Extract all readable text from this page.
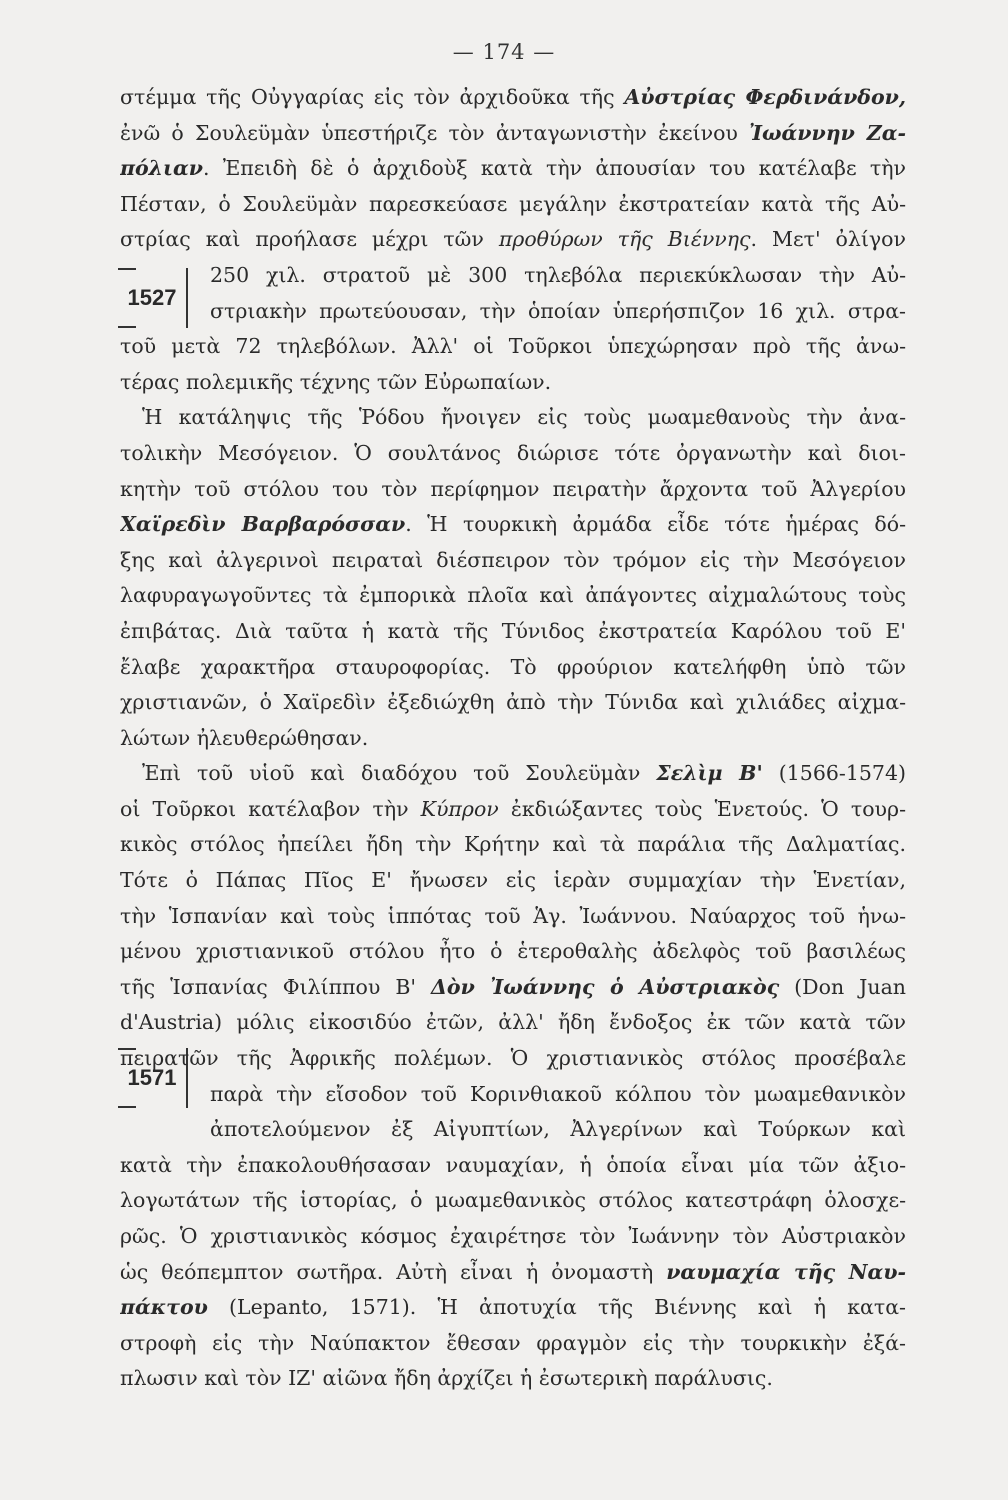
— 174 —
1527
1571
στέμμα τῆς Οὐγγαρίας εἰς τὸν ἀρχιδοῦκα τῆς Αὐστρίας Φερδινάνδον,
ἐνῶ ὁ Σουλεϋμὰν ὑπεστήριζε τὸν ἀνταγωνιστὴν ἐκείνου Ἰωάννην Ζα-
πόλιαν. Ἐπειδὴ δὲ ὁ ἀρχιδοὺξ κατὰ τὴν ἀπουσίαν του κατέλαβε τὴν
Πέσταν, ὁ Σουλεϋμὰν παρεσκεύασε μεγάλην ἐκστρατείαν κατὰ τῆς Αὐ-
στρίας καὶ προήλασε μέχρι τῶν προθύρων τῆς Βιέννης. Μετ' ὀλίγον
250 χιλ. στρατοῦ μὲ 300 τηλεβόλα περιεκύκλωσαν τὴν Αὐ-
στριακὴν πρωτεύουσαν, τὴν ὁποίαν ὑπερήσπιζον 16 χιλ. στρα-
τοῦ μετὰ 72 τηλεβόλων. Ἀλλ' οἱ Τοῦρκοι ὑπεχώρησαν πρὸ τῆς ἀνω-
τέρας πολεμικῆς τέχνης τῶν Εὐρωπαίων.
Ἡ κατάληψις τῆς Ῥόδου ἤνοιγεν εἰς τοὺς μωαμεθανοὺς τὴν ἀνα-
τολικὴν Μεσόγειον. Ὁ σουλτάνος διώρισε τότε ὀργανωτὴν καὶ διοι-
κητὴν τοῦ στόλου του τὸν περίφημον πειρατὴν ἄρχοντα τοῦ Ἀλγερίου
Χαϊρεδὶν Βαρβαρόσσαν. Ἡ τουρκικὴ ἀρμάδα εἶδε τότε ἡμέρας δό-
ξης καὶ ἀλγερινοὶ πειραταὶ διέσπειρον τὸν τρόμον εἰς τὴν Μεσόγειον
λαφυραγωγοῦντες τὰ ἐμπορικὰ πλοῖα καὶ ἀπάγοντες αἰχμαλώτους τοὺς
ἐπιβάτας. Διὰ ταῦτα ἡ κατὰ τῆς Τύνιδος ἐκστρατεία Καρόλου τοῦ Ε'
ἔλαβε χαρακτῆρα σταυροφορίας. Τὸ φρούριον κατελήφθη ὑπὸ τῶν
χριστιανῶν, ὁ Χαϊρεδὶν ἐξεδιώχθη ἀπὸ τὴν Τύνιδα καὶ χιλιάδες αἰχμα-
λώτων ἠλευθερώθησαν.
Ἐπὶ τοῦ υἱοῦ καὶ διαδόχου τοῦ Σουλεϋμὰν Σελὶμ Β' (1566-1574)
οἱ Τοῦρκοι κατέλαβον τὴν Κύπρον ἐκδιώξαντες τοὺς Ἑνετούς. Ὁ τουρ-
κικὸς στόλος ἠπείλει ἤδη τὴν Κρήτην καὶ τὰ παράλια τῆς Δαλματίας.
Τότε ὁ Πάπας Πῖος Ε' ἤνωσεν εἰς ἱερὰν συμμαχίαν τὴν Ἑνετίαν,
τὴν Ἱσπανίαν καὶ τοὺς ἱππότας τοῦ Ἁγ. Ἰωάννου. Ναύαρχος τοῦ ἡνω-
μένου χριστιανικοῦ στόλου ἦτο ὁ ἑτεροθαλὴς ἀδελφὸς τοῦ βασιλέως
τῆς Ἱσπανίας Φιλίππου Β' Δὸν Ἰωάννης ὁ Αὐστριακὸς (Don Juan
d'Austria) μόλις εἰκοσιδύο ἐτῶν, ἀλλ' ἤδη ἔνδοξος ἐκ τῶν κατὰ τῶν
πειρατῶν τῆς Ἀφρικῆς πολέμων. Ὁ χριστιανικὸς στόλος προσέβαλε
παρὰ τὴν εἴσοδον τοῦ Κορινθιακοῦ κόλπου τὸν μωαμεθανικὸν
ἀποτελούμενον ἐξ Αἰγυπτίων, Ἀλγερίνων καὶ Τούρκων καὶ
κατὰ τὴν ἐπακολουθήσασαν ναυμαχίαν, ἡ ὁποία εἶναι μία τῶν ἀξιο-
λογωτάτων τῆς ἱστορίας, ὁ μωαμεθανικὸς στόλος κατεστράφη ὁλοσχε-
ρῶς. Ὁ χριστιανικὸς κόσμος ἐχαιρέτησε τὸν Ἰωάννην τὸν Αὐστριακὸν
ὡς θεόπεμπτον σωτῆρα. Αὐτὴ εἶναι ἡ ὀνομαστὴ ναυμαχία τῆς Ναυ-
πάκτου (Lepanto, 1571). Ἡ ἀποτυχία τῆς Βιέννης καὶ ἡ κατα-
στροφὴ εἰς τὴν Ναύπακτον ἔθεσαν φραγμὸν εἰς τὴν τουρκικὴν ἐξά-
πλωσιν καὶ τὸν ΙΖ' αἰῶνα ἤδη ἀρχίζει ἡ ἐσωτερικὴ παράλυσις.
